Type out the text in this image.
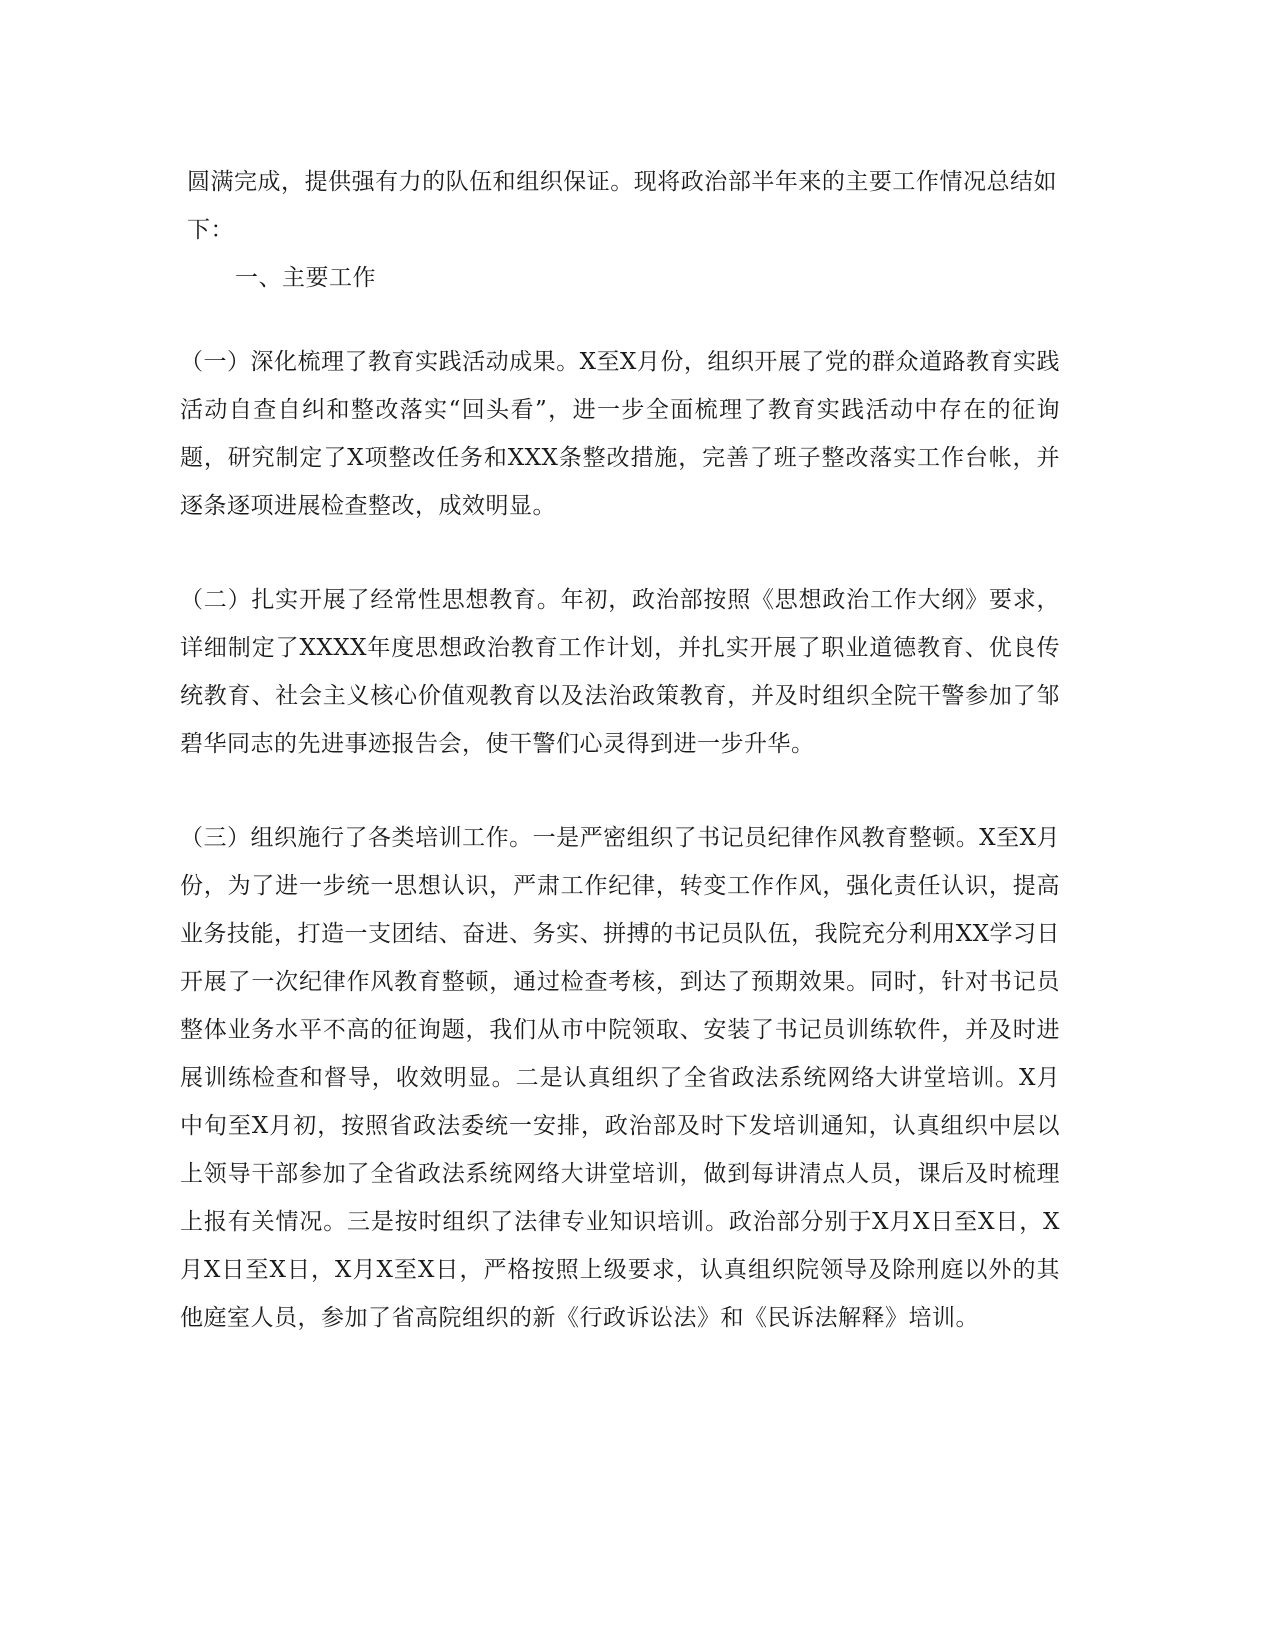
圆满完成，提供强有力的队伍和组织保证。现将政治部半年来的主要工作情况总结如下：
一、主要工作
（一）深化梳理了教育实践活动成果。X至X月份，组织开展了党的群众道路教育实践活动自查自纠和整改落实“回头看”，进一步全面梳理了教育实践活动中存在的征询题，研究制定了X项整改任务和XXX条整改措施，完善了班子整改落实工作台帐，并逐条逐项进展检查整改，成效明显。
（二）扎实开展了经常性思想教育。年初，政治部按照《思想政治工作大纲》要求，详细制定了XXXX年度思想政治教育工作计划，并扎实开展了职业道德教育、优良传统教育、社会主义核心价值观教育以及法治政策教育，并及时组织全院干警参加了邹碧华同志的先进事迹报告会，使干警们心灵得到进一步升华。
（三）组织施行了各类培训工作。一是严密组织了书记员纪律作风教育整顿。X至X月份，为了进一步统一思想认识，严肃工作纪律，转变工作作风，强化责任认识，提高业务技能，打造一支团结、奋进、务实、拼搏的书记员队伍，我院充分利用XX学习日开展了一次纪律作风教育整顿，通过检查考核，到达了预期效果。同时，针对书记员整体业务水平不高的征询题，我们从市中院领取、安装了书记员训练软件，并及时进展训练检查和督导，收效明显。二是认真组织了全省政法系统网络大讲堂培训。X月中旬至X月初，按照省政法委统一安排，政治部及时下发培训通知，认真组织中层以上领导干部参加了全省政法系统网络大讲堂培训，做到每讲清点人员，课后及时梳理上报有关情况。三是按时组织了法律专业知识培训。政治部分别于X月X日至X日，X月X日至X日，X月X至X日，严格按照上级要求，认真组织院领导及除刑庭以外的其他庭室人员，参加了省高院组织的新《行政诉讼法》和《民诉法解释》培训。
